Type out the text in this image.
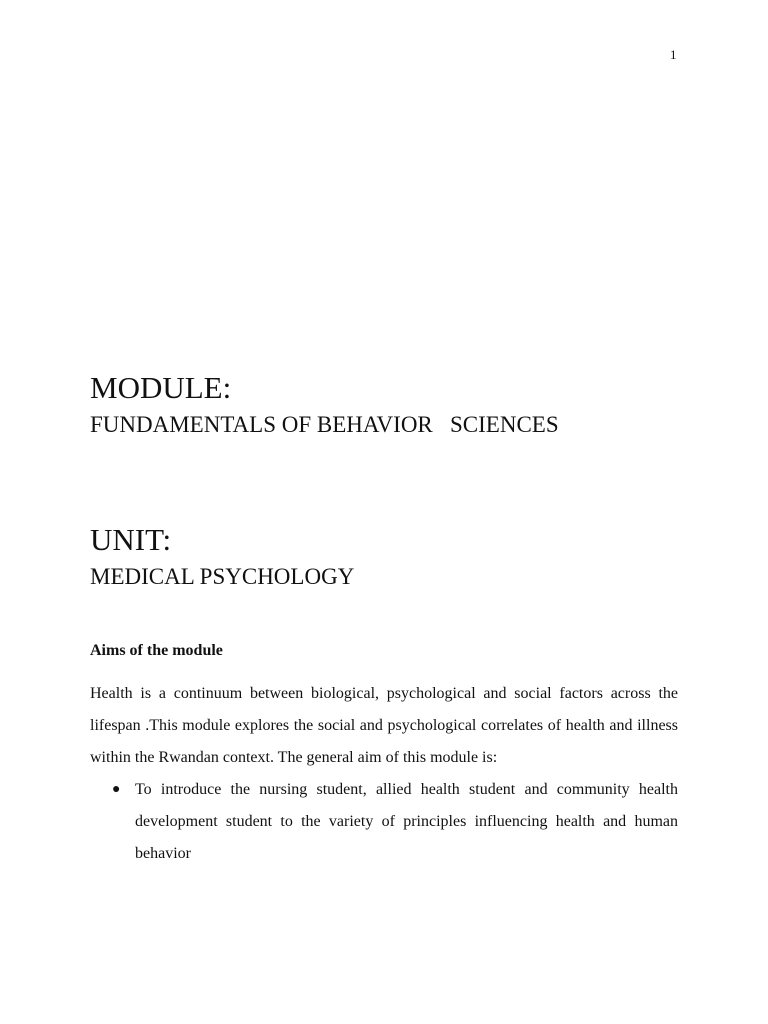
1
MODULE:
FUNDAMENTALS OF BEHAVIOR   SCIENCES
UNIT:
MEDICAL PSYCHOLOGY
Aims of the module

Health is a continuum between biological, psychological and social factors across the lifespan .This module explores the social and psychological correlates of health and illness within the Rwandan context. The general aim of this module is:

● To introduce the nursing student, allied health student and community health development student to the variety of principles influencing health and human behavior
